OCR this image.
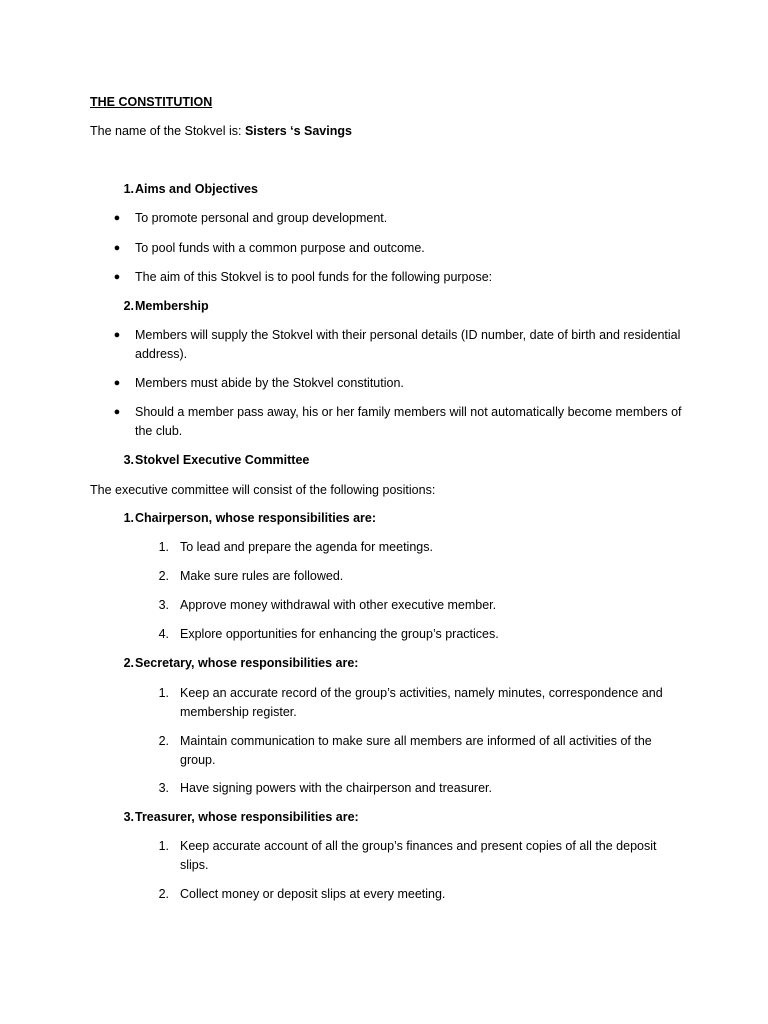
THE CONSTITUTION
The name of the Stokvel is: Sisters ‘s Savings
1. Aims and Objectives
● To promote personal and group development.
● To pool funds with a common purpose and outcome.
● The aim of this Stokvel is to pool funds for the following purpose:
2. Membership
● Members will supply the Stokvel with their personal details (ID number, date of birth and residential address).
● Members must abide by the Stokvel constitution.
● Should a member pass away, his or her family members will not automatically become members of the club.
3. Stokvel Executive Committee
The executive committee will consist of the following positions:
1. Chairperson, whose responsibilities are:
1. To lead and prepare the agenda for meetings.
2. Make sure rules are followed.
3. Approve money withdrawal with other executive member.
4. Explore opportunities for enhancing the group’s practices.
2. Secretary, whose responsibilities are:
1. Keep an accurate record of the group’s activities, namely minutes, correspondence and membership register.
2. Maintain communication to make sure all members are informed of all activities of the group.
3. Have signing powers with the chairperson and treasurer.
3. Treasurer, whose responsibilities are:
1. Keep accurate account of all the group’s finances and present copies of all the deposit slips.
2. Collect money or deposit slips at every meeting.
